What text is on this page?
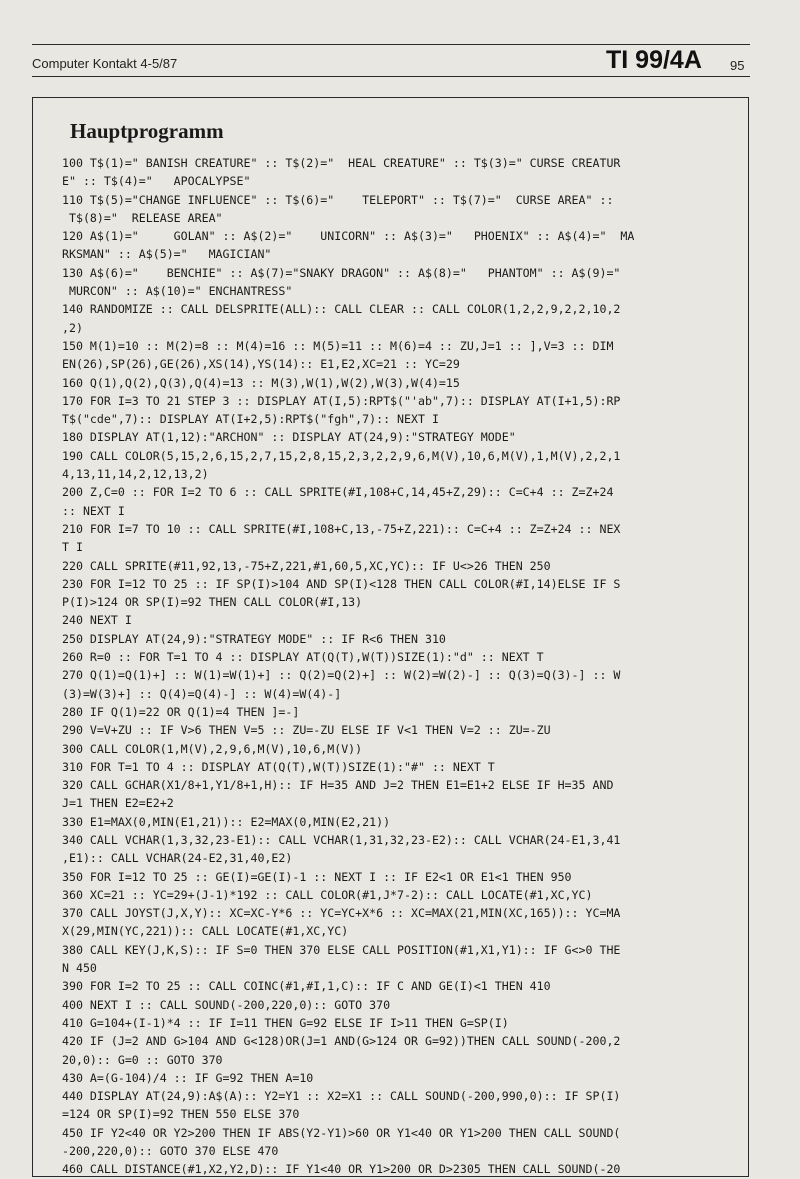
Computer Kontakt 4-5/87	TI 99/4A 95
Hauptprogramm
100 T$(1)=" BANISH CREATURE" :: T$(2)="  HEAL CREATURE" :: T$(3)=" CURSE CREATUR
E" :: T$(4)="   APOCALYPSE"
110 T$(5)="CHANGE INFLUENCE" :: T$(6)="    TELEPORT" :: T$(7)="  CURSE AREA" ::
T$(8)="  RELEASE AREA"
120 A$(1)="     GOLAN" :: A$(2)="    UNICORN" :: A$(3)="   PHOENIX" :: A$(4)="  MA
RKSMAN" :: A$(5)="   MAGICIAN"
130 A$(6)="    BENCHIE" :: A$(7)="SNAKY DRAGON" :: A$(8)="   PHANTOM" :: A$(9)="
MURCON" :: A$(10)=" ENCHANTRESS"
140 RANDOMIZE :: CALL DELSPRITE(ALL):: CALL CLEAR :: CALL COLOR(1,2,2,9,2,2,10,2
,2)
150 M(1)=10 :: M(2)=8 :: M(4)=16 :: M(5)=11 :: M(6)=4 :: ZU,J=1 :: ],V=3 :: DIM
EN(26),SP(26),GE(26),XS(14),YS(14):: E1,E2,XC=21 :: YC=29
160 Q(1),Q(2),Q(3),Q(4)=13 :: M(3),W(1),W(2),W(3),W(4)=15
170 FOR I=3 TO 21 STEP 3 :: DISPLAY AT(I,5):RPT$("'ab",7):: DISPLAY AT(I+1,5):RP
T$("cde",7):: DISPLAY AT(I+2,5):RPT$("fgh",7):: NEXT I
180 DISPLAY AT(1,12):"ARCHON" :: DISPLAY AT(24,9):"STRATEGY MODE"
190 CALL COLOR(5,15,2,6,15,2,7,15,2,8,15,2,3,2,2,9,6,M(V),10,6,M(V),1,M(V),2,2,1
4,13,11,14,2,12,13,2)
200 Z,C=0 :: FOR I=2 TO 6 :: CALL SPRITE(#I,108+C,14,45+Z,29):: C=C+4 :: Z=Z+24
:: NEXT I
210 FOR I=7 TO 10 :: CALL SPRITE(#I,108+C,13,-75+Z,221):: C=C+4 :: Z=Z+24 :: NEX
T I
220 CALL SPRITE(#11,92,13,-75+Z,221,#1,60,5,XC,YC):: IF U<>26 THEN 250
230 FOR I=12 TO 25 :: IF SP(I)>104 AND SP(I)<128 THEN CALL COLOR(#I,14)ELSE IF S
P(I)>124 OR SP(I)=92 THEN CALL COLOR(#I,13)
240 NEXT I
250 DISPLAY AT(24,9):"STRATEGY MODE" :: IF R<6 THEN 310
260 R=0 :: FOR T=1 TO 4 :: DISPLAY AT(Q(T),W(T))SIZE(1):"d" :: NEXT T
270 Q(1)=Q(1)+] :: W(1)=W(1)+] :: Q(2)=Q(2)+] :: W(2)=W(2)-] :: Q(3)=Q(3)-] :: W
(3)=W(3)+] :: Q(4)=Q(4)-] :: W(4)=W(4)-]
280 IF Q(1)=22 OR Q(1)=4 THEN ]=-]
290 V=V+ZU :: IF V>6 THEN V=5 :: ZU=-ZU ELSE IF V<1 THEN V=2 :: ZU=-ZU
300 CALL COLOR(1,M(V),2,9,6,M(V),10,6,M(V))
310 FOR T=1 TO 4 :: DISPLAY AT(Q(T),W(T))SIZE(1):"#" :: NEXT T
320 CALL GCHAR(X1/8+1,Y1/8+1,H):: IF H=35 AND J=2 THEN E1=E1+2 ELSE IF H=35 AND
J=1 THEN E2=E2+2
330 E1=MAX(0,MIN(E1,21)):: E2=MAX(0,MIN(E2,21))
340 CALL VCHAR(1,3,32,23-E1):: CALL VCHAR(1,31,32,23-E2):: CALL VCHAR(24-E1,3,41
,E1):: CALL VCHAR(24-E2,31,40,E2)
350 FOR I=12 TO 25 :: GE(I)=GE(I)-1 :: NEXT I :: IF E2<1 OR E1<1 THEN 950
360 XC=21 :: YC=29+(J-1)*192 :: CALL COLOR(#1,J*7-2):: CALL LOCATE(#1,XC,YC)
370 CALL JOYST(J,X,Y):: XC=XC-Y*6 :: YC=YC+X*6 :: XC=MAX(21,MIN(XC,165)):: YC=MA
X(29,MIN(YC,221)):: CALL LOCATE(#1,XC,YC)
380 CALL KEY(J,K,S):: IF S=0 THEN 370 ELSE CALL POSITION(#1,X1,Y1):: IF G<>0 THE
N 450
390 FOR I=2 TO 25 :: CALL COINC(#1,#I,1,C):: IF C AND GE(I)<1 THEN 410
400 NEXT I :: CALL SOUND(-200,220,0):: GOTO 370
410 G=104+(I-1)*4 :: IF I=11 THEN G=92 ELSE IF I>11 THEN G=SP(I)
420 IF (J=2 AND G>104 AND G<128)OR(J=1 AND(G>124 OR G=92))THEN CALL SOUND(-200,2
20,0):: G=0 :: GOTO 370
430 A=(G-104)/4 :: IF G=92 THEN A=10
440 DISPLAY AT(24,9):A$(A):: Y2=Y1 :: X2=X1 :: CALL SOUND(-200,990,0):: IF SP(I)
=124 OR SP(I)=92 THEN 550 ELSE 370
450 IF Y2<40 OR Y2>200 THEN IF ABS(Y2-Y1)>60 OR Y1<40 OR Y1>200 THEN CALL SOUND(
-200,220,0):: GOTO 370 ELSE 470
460 CALL DISTANCE(#1,X2,Y2,D):: IF Y1<40 OR Y1>200 OR D>2305 THEN CALL SOUND(-20
